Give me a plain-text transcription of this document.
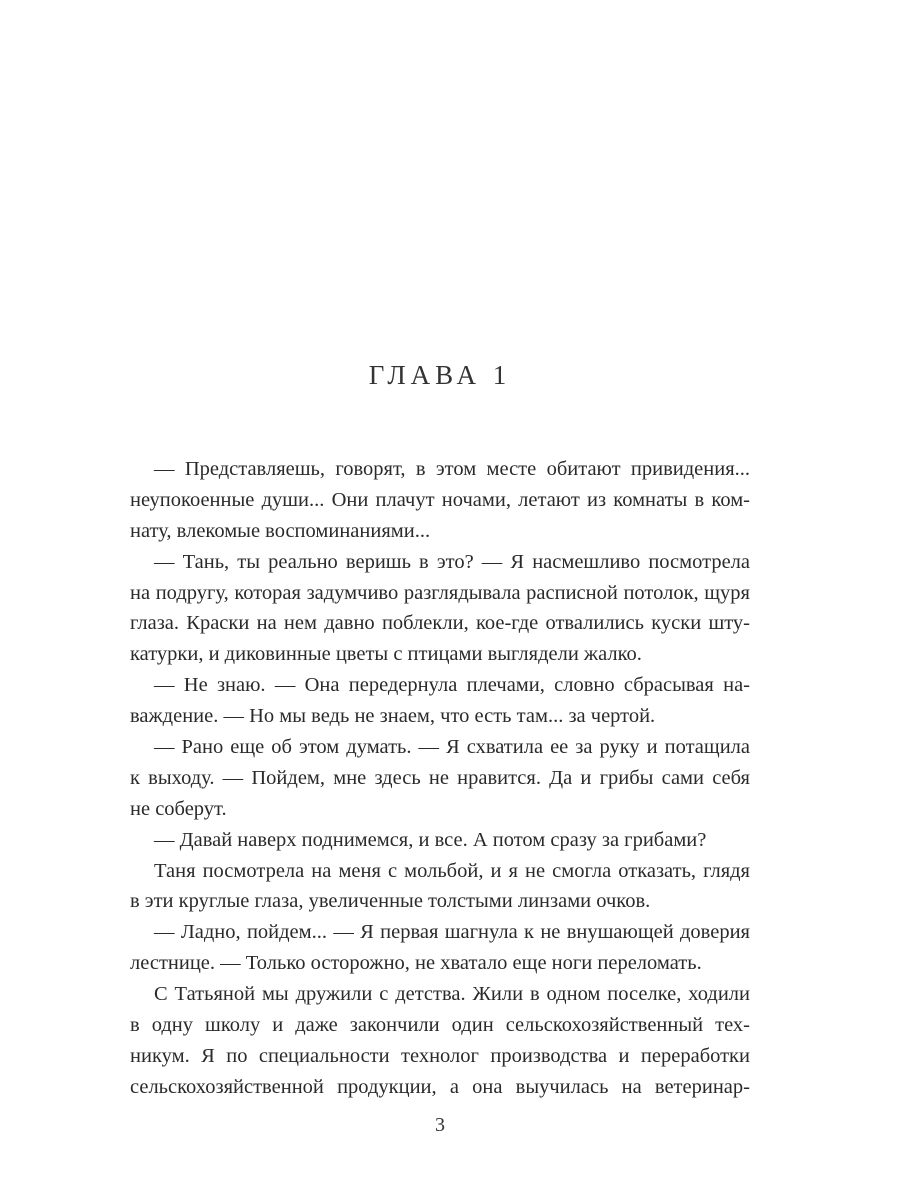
ГЛАВА 1
— Представляешь, говорят, в этом месте обитают привидения...
неупокоенные души... Они плачут ночами, летают из комнаты в ком-
нату, влекомые воспоминаниями...
— Тань, ты реально веришь в это? — Я насмешливо посмотрела
на подругу, которая задумчиво разглядывала расписной потолок, щуря
глаза. Краски на нем давно поблекли, кое-где отвалились куски шту-
катурки, и диковинные цветы с птицами выглядели жалко.
— Не знаю. — Она передернула плечами, словно сбрасывая на-
важдение. — Но мы ведь не знаем, что есть там... за чертой.
— Рано еще об этом думать. — Я схватила ее за руку и потащила
к выходу. — Пойдем, мне здесь не нравится. Да и грибы сами себя
не соберут.
— Давай наверх поднимемся, и все. А потом сразу за грибами?
Таня посмотрела на меня с мольбой, и я не смогла отказать, глядя
в эти круглые глаза, увеличенные толстыми линзами очков.
— Ладно, пойдем... — Я первая шагнула к не внушающей доверия
лестнице. — Только осторожно, не хватало еще ноги переломать.
С Татьяной мы дружили с детства. Жили в одном поселке, ходили
в одну школу и даже закончили один сельскохозяйственный тех-
никум. Я по специальности технолог производства и переработки
сельскохозяйственной продукции, а она выучилась на ветеринар-
3
